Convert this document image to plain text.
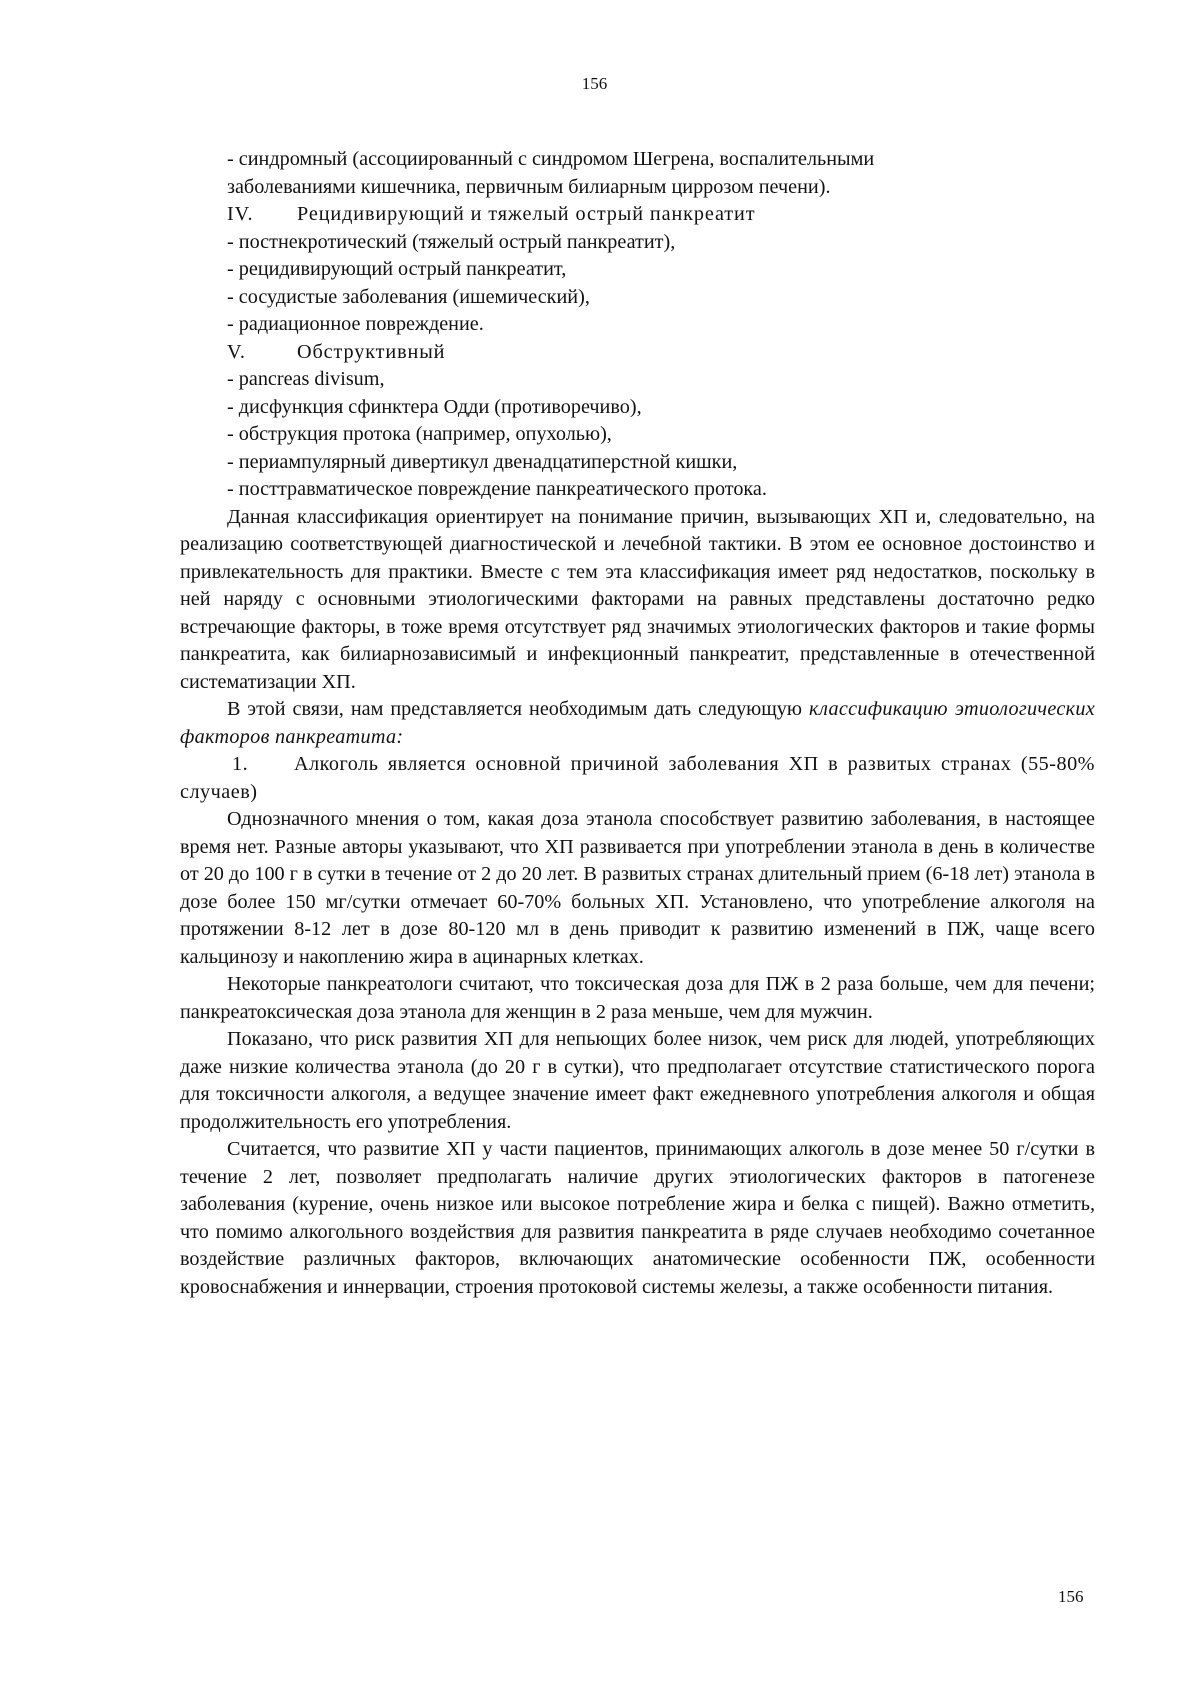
156
- синдромный (ассоциированный с синдромом Шегрена, воспалительными
заболеваниями кишечника, первичным билиарным циррозом печени).
IV. Рецидивирующий и тяжелый острый панкреатит
- постнекротический (тяжелый острый панкреатит),
- рецидивирующий острый панкреатит,
- сосудистые заболевания (ишемический),
- радиационное повреждение.
V.	Обструктивный
- pancreas divisum,
- дисфункция сфинктера Одди (противоречиво),
- обструкция протока (например, опухолью),
- периампулярный дивертикул двенадцатиперстной кишки,
- посттравматическое повреждение панкреатического протока.

Данная классификация ориентирует на понимание причин, вызывающих ХП и, следовательно, на реализацию соответствующей диагностической и лечебной тактики. В этом ее основное достоинство и привлекательность для практики. Вместе с тем эта классификация имеет ряд недостатков, поскольку в ней наряду с основными этиологическими факторами на равных представлены достаточно редко встречающие факторы, в тоже время отсутствует ряд значимых этиологических факторов и такие формы панкреатита, как билиарнозависимый и инфекционный панкреатит, представленные в отечественной систематизации ХП.

В этой связи, нам представляется необходимым дать следующую классификацию этиологических факторов панкреатита:

1. Алкоголь является основной причиной заболевания ХП в развитых странах (55-80% случаев)

Однозначного мнения о том, какая доза этанола способствует развитию заболевания, в настоящее время нет. Разные авторы указывают, что ХП развивается при употреблении этанола в день в количестве от 20 до 100 г в сутки в течение от 2 до 20 лет. В развитых странах длительный прием (6-18 лет) этанола в дозе более 150 мг/сутки отмечает 60-70% больных ХП. Установлено, что употребление алкоголя на протяжении 8-12 лет в дозе 80-120 мл в день приводит к развитию изменений в ПЖ, чаще всего кальцинозу и накоплению жира в ацинарных клетках.

Некоторые панкреатологи считают, что токсическая доза для ПЖ в 2 раза больше, чем для печени; панкреатоксическая доза этанола для женщин в 2 раза меньше, чем для мужчин.

Показано, что риск развития ХП для непьющих более низок, чем риск для людей, употребляющих даже низкие количества этанола (до 20 г в сутки), что предполагает отсутствие статистического порога для токсичности алкоголя, а ведущее значение имеет факт ежедневного употребления алкоголя и общая продолжительность его употребления.

Считается, что развитие ХП у части пациентов, принимающих алкоголь в дозе менее 50 г/сутки в течение 2 лет, позволяет предполагать наличие других этиологических факторов в патогенезе заболевания (курение, очень низкое или высокое потребление жира и белка с пищей). Важно отметить, что помимо алкогольного воздействия для развития панкреатита в ряде случаев необходимо сочетанное воздействие различных факторов, включающих анатомические особенности ПЖ, особенности кровоснабжения и иннервации, строения протоковой системы железы, а также особенности питания.

156
